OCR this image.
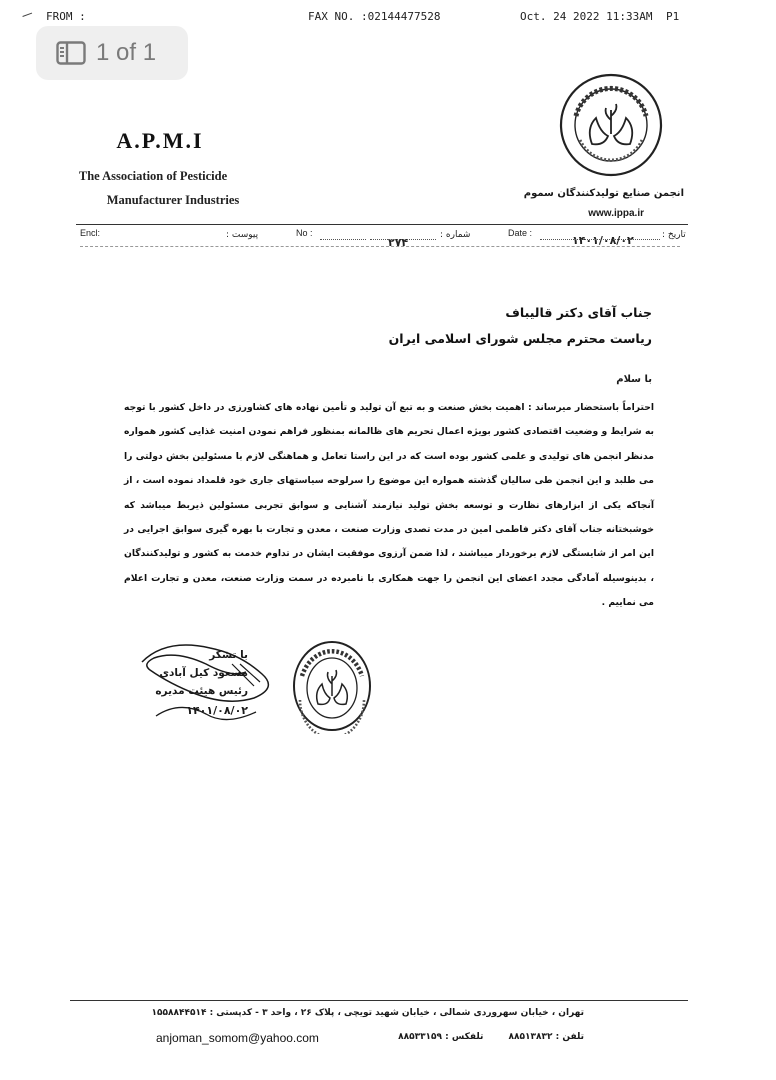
FROM :	FAX NO. :02144477528	Oct. 24 2022 11:33AM P1
1 of 1
A.P.M.I
The Association of Pesticide
Manufacturer Industries	انجمن صنایع تولیدکنندگان سموم
www.ippa.ir
Encl:	پیوست :	No :	شماره :
۲۷۴
Date :	تاریخ :
۱۴۰۱/۰۸/۰۲
جناب آقای دکتر قالیباف
ریاست محترم مجلس شورای اسلامی ایران
با سلام
احتراماً باستحضار میرساند : اهمیت بخش صنعت و به تبع آن تولید و تأمین نهاده های کشاورزی در داخل کشور با توجه به شرایط و وضعیت اقتصادی کشور بویژه اعمال تحریم های ظالمانه بمنظور فراهم نمودن امنیت غذایی کشور همواره مدنظر انجمن های تولیدی و علمی کشور بوده است که در این راستا تعامل و هماهنگی لازم با مسئولین بخش دولتی را می طلبد و این انجمن طی سالیان گذشته همواره این موضوع را سرلوحه سیاستهای جاری خود قلمداد نموده است ، از آنجاکه یکی از ابزارهای نظارت و توسعه بخش تولید نیازمند آشنایی و سوابق تجربی مسئولین ذیربط میباشد که خوشبختانه جناب آقای دکتر فاطمی امین در مدت تصدی وزارت صنعت ، معدن و تجارت با بهره گیری سوابق اجرایی در این امر از شایستگی لازم برخوردار میباشند ، لذا ضمن آرزوی موفقیت ایشان در تداوم خدمت به کشور و تولیدکنندگان ، بدینوسیله آمادگی مجدد اعضای این انجمن را جهت همکاری با نامبرده در سمت وزارت صنعت، معدن و تجارت اعلام می نماییم .
با تشکر
مسعود کیل آبادی
رئیس هیئت مدیره
۱۴۰۱/۰۸/۰۲
تهران ، خیابان سهروردی شمالی ، خیابان شهید تویچی ، پلاک ۲۶ ، واحد ۳ - کدپستی : ۱۵۵۸۸۴۴۵۱۴
anjoman_somom@yahoo.com	تلفن : ۸۸۵۱۳۸۳۲ تلفکس : ۸۸۵۳۳۱۵۹
